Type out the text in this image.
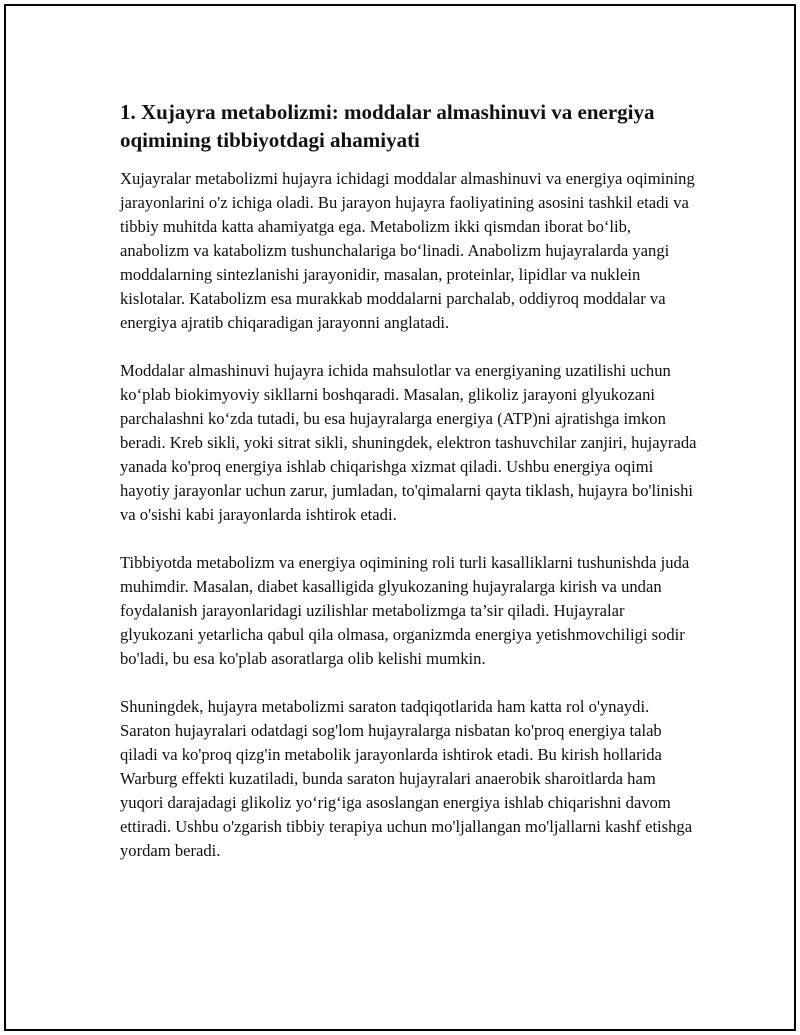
1. Xujayra metabolizmi: moddalar almashinuvi va energiya oqimining tibbiyotdagi ahamiyati

Xujayralar metabolizmi hujayra ichidagi moddalar almashinuvi va energiya oqimining jarayonlarini o'z ichiga oladi. Bu jarayon hujayra faoliyatining asosini tashkil etadi va tibbiy muhitda katta ahamiyatga ega. Metabolizm ikki qismdan iborat bo‘lib, anabolizm va katabolizm tushunchalariga bo‘linadi. Anabolizm hujayralarda yangi moddalarning sintezlanishi jarayonidir, masalan, proteinlar, lipidlar va nuklein kislotalar. Katabolizm esa murakkab moddalarni parchalab, oddiyroq moddalar va energiya ajratib chiqaradigan jarayonni anglatadi.

Moddalar almashinuvi hujayra ichida mahsulotlar va energiyaning uzatilishi uchun ko‘plab biokimyoviy sikllarni boshqaradi. Masalan, glikoliz jarayoni glyukozani parchalashni ko‘zda tutadi, bu esa hujayralarga energiya (ATP)ni ajratishga imkon beradi. Kreb sikli, yoki sitrat sikli, shuningdek, elektron tashuvchilar zanjiri, hujayrada yanada ko'proq energiya ishlab chiqarishga xizmat qiladi. Ushbu energiya oqimi hayotiy jarayonlar uchun zarur, jumladan, to'qimalarni qayta tiklash, hujayra bo'linishi va o'sishi kabi jarayonlarda ishtirok etadi.

Tibbiyotda metabolizm va energiya oqimining roli turli kasalliklarni tushunishda juda muhimdir. Masalan, diabet kasalligida glyukozaning hujayralarga kirish va undan foydalanish jarayonlaridagi uzilishlar metabolizmga ta’sir qiladi. Hujayralar glyukozani yetarlicha qabul qila olmasa, organizmda energiya yetishmovchiligi sodir bo'ladi, bu esa ko'plab asoratlarga olib kelishi mumkin.

Shuningdek, hujayra metabolizmi saraton tadqiqotlarida ham katta rol o'ynaydi. Saraton hujayralari odatdagi sog'lom hujayralarga nisbatan ko'proq energiya talab qiladi va ko'proq qizg'in metabolik jarayonlarda ishtirok etadi. Bu kirish hollarida Warburg effekti kuzatiladi, bunda saraton hujayralari anaerobik sharoitlarda ham yuqori darajadagi glikoliz yo‘rig‘iga asoslangan energiya ishlab chiqarishni davom ettiradi. Ushbu o'zgarish tibbiy terapiya uchun mo'ljallangan mo'ljallarni kashf etishga yordam beradi.
